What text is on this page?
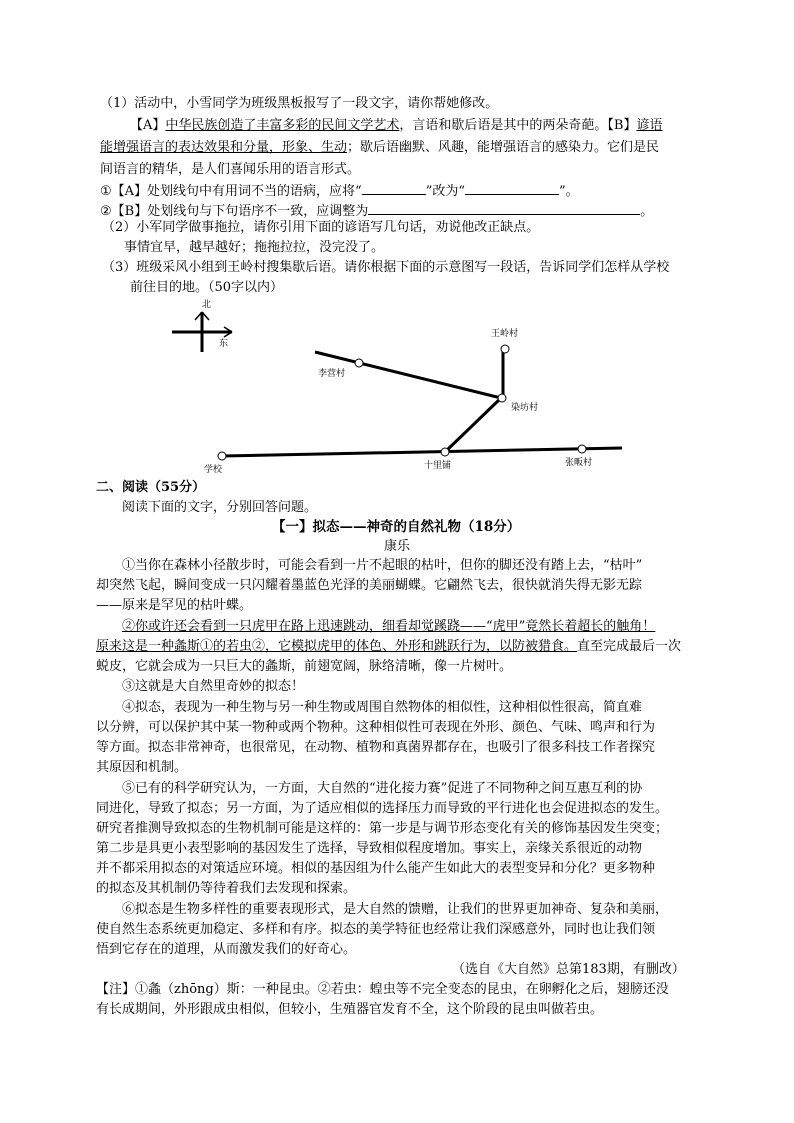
（1）活动中，小雪同学为班级黑板报写了一段文字，请你帮她修改。
【A】中华民族创造了丰富多彩的民间文学艺术，言语和歇后语是其中的两朵奇葩。【B】谚语
能增强语言的表达效果和分量，形象、生动；歇后语幽默、风趣，能增强语言的感染力。它们是民
间语言的精华，是人们喜闻乐用的语言形式。
①【A】处划线句中有用词不当的语病，应将“	”改为“	”。
②【B】处划线句与下句语序不一致，应调整为	。
（2）小军同学做事拖拉，请你引用下面的谚语写几句话，劝说他改正缺点。
事情宜早，越早越好；拖拖拉拉，没完没了。
（3）班级采风小组到王岭村搜集歇后语。请你根据下面的示意图写一段话，告诉同学们怎样从学校
前往目的地。（50字以内）
北
东
王岭村
李营村
染坊村
学校	十里铺	张畈村
二、阅读（55分）
阅读下面的文字，分别回答问题。
【一】拟态——神奇的自然礼物（18分）
康乐
①当你在森林小径散步时，可能会看到一片不起眼的枯叶，但你的脚还没有踏上去，“枯叶”
却突然飞起，瞬间变成一只闪耀着墨蓝色光泽的美丽蝴蝶。它翩然飞去，很快就消失得无影无踪
——原来是罕见的枯叶蝶。
②你或许还会看到一只虎甲在路上迅速跳动，细看却觉蹊跷——“虎甲”竟然长着超长的触角！
原来这是一种螽斯①的若虫②，它模拟虎甲的体色、外形和跳跃行为，以防被猎食。直至完成最后一次
蜕皮，它就会成为一只巨大的螽斯，前翅宽阔，脉络清晰，像一片树叶。
③这就是大自然里奇妙的拟态！
④拟态，表现为一种生物与另一种生物或周围自然物体的相似性，这种相似性很高，简直难
以分辨，可以保护其中某一物种或两个物种。这种相似性可表现在外形、颜色、气味、鸣声和行为
等方面。拟态非常神奇，也很常见，在动物、植物和真菌界都存在，也吸引了很多科技工作者探究
其原因和机制。
⑤已有的科学研究认为，一方面，大自然的“进化接力赛”促进了不同物种之间互惠互利的协
同进化，导致了拟态；另一方面，为了适应相似的选择压力而导致的平行进化也会促进拟态的发生。
研究者推测导致拟态的生物机制可能是这样的：第一步是与调节形态变化有关的修饰基因发生突变；
第二步是具更小表型影响的基因发生了选择，导致相似程度增加。事实上，亲缘关系很近的动物
并不都采用拟态的对策适应环境。相似的基因组为什么能产生如此大的表型变异和分化？更多物种
的拟态及其机制仍等待着我们去发现和探索。
⑥拟态是生物多样性的重要表现形式，是大自然的馈赠，让我们的世界更加神奇、复杂和美丽，
使自然生态系统更加稳定、多样和有序。拟态的美学特征也经常让我们深感意外，同时也让我们领
悟到它存在的道理，从而激发我们的好奇心。
（选自《大自然》总第183期，有删改）
【注】①螽（zhōng）斯：一种昆虫。②若虫：蝗虫等不完全变态的昆虫，在卵孵化之后，翅膀还没
有长成期间，外形跟成虫相似，但较小，生殖器官发育不全，这个阶段的昆虫叫做若虫。
